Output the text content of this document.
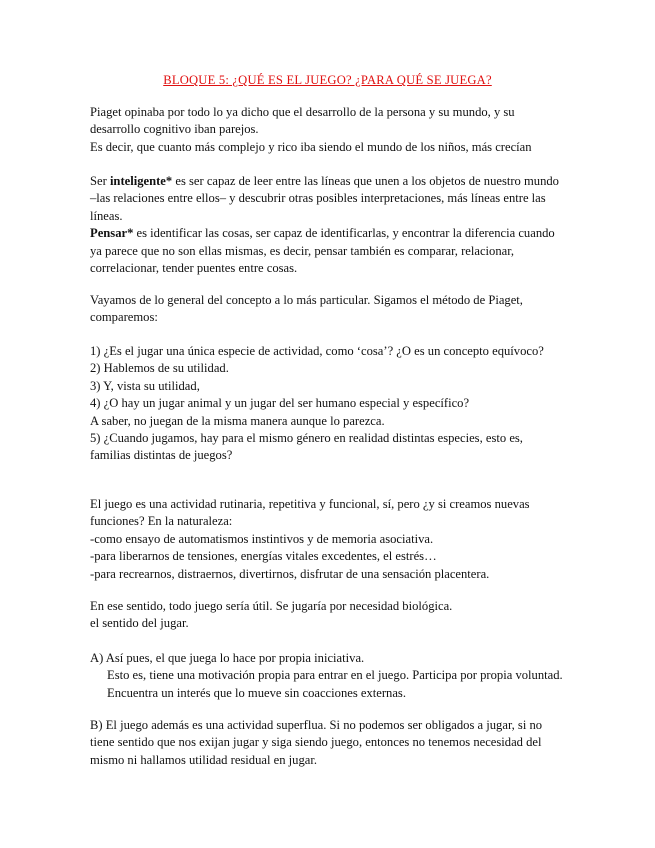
BLOQUE 5: ¿QUÉ ES EL JUEGO? ¿PARA QUÉ SE JUEGA?

Piaget opinaba por todo lo ya dicho que el desarrollo de la persona y su mundo, y su desarrollo cognitivo iban parejos.

Es decir, que cuanto más complejo y rico iba siendo el mundo de los niños, más crecían

Ser inteligente* es ser capaz de leer entre las líneas que unen a los objetos de nuestro mundo –las relaciones entre ellos– y descubrir otras posibles interpretaciones, más líneas entre las líneas.

Pensar* es identificar las cosas, ser capaz de identificarlas, y encontrar la diferencia cuando ya parece que no son ellas mismas, es decir, pensar también es comparar, relacionar, correlacionar, tender puentes entre cosas.

Vayamos de lo general del concepto a lo más particular. Sigamos el método de Piaget, comparemos:

1) ¿Es el jugar una única especie de actividad, como ‘cosa’? ¿O es un concepto equívoco?

2) Hablemos de su utilidad.

3) Y, vista su utilidad,

4) ¿O hay un jugar animal y un jugar del ser humano especial y específico?

A saber, no juegan de la misma manera aunque lo parezca.

5) ¿Cuando jugamos, hay para el mismo género en realidad distintas especies, esto es, familias distintas de juegos?

El juego es una actividad rutinaria, repetitiva y funcional, sí, pero ¿y si creamos nuevas funciones? En la naturaleza:

-como ensayo de automatismos instintivos y de memoria asociativa.

-para liberarnos de tensiones, energías vitales excedentes, el estrés…

-para recrearnos, distraernos, divertirnos, disfrutar de una sensación placentera.

En ese sentido, todo juego sería útil. Se jugaría por necesidad biológica.

el sentido del jugar.

A) Así pues, el que juega lo hace por propia iniciativa.

Esto es, tiene una motivación propia para entrar en el juego. Participa por propia voluntad. Encuentra un interés que lo mueve sin coacciones externas.

B) El juego además es una actividad superflua. Si no podemos ser obligados a jugar, si no tiene sentido que nos exijan jugar y siga siendo juego, entonces no tenemos necesidad del mismo ni hallamos utilidad residual en jugar.
